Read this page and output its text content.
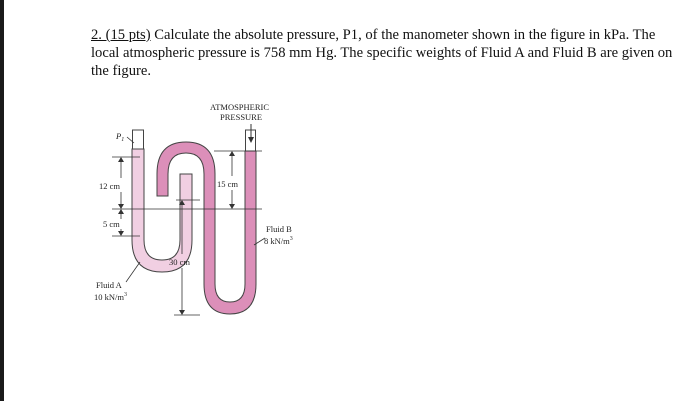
2. (15 pts) Calculate the absolute pressure, P1, of the manometer shown in the figure in kPa. The local atmospheric pressure is 758 mm Hg. The specific weights of Fluid A and Fluid B are given on the figure.

12 cm
5 cm
15 cm
30 cm
ATMOSPHERIC
PRESSURE
$P_1$
Fluid A
10 $kN/m^3$
Fluid B
8 $kN/m^3$
